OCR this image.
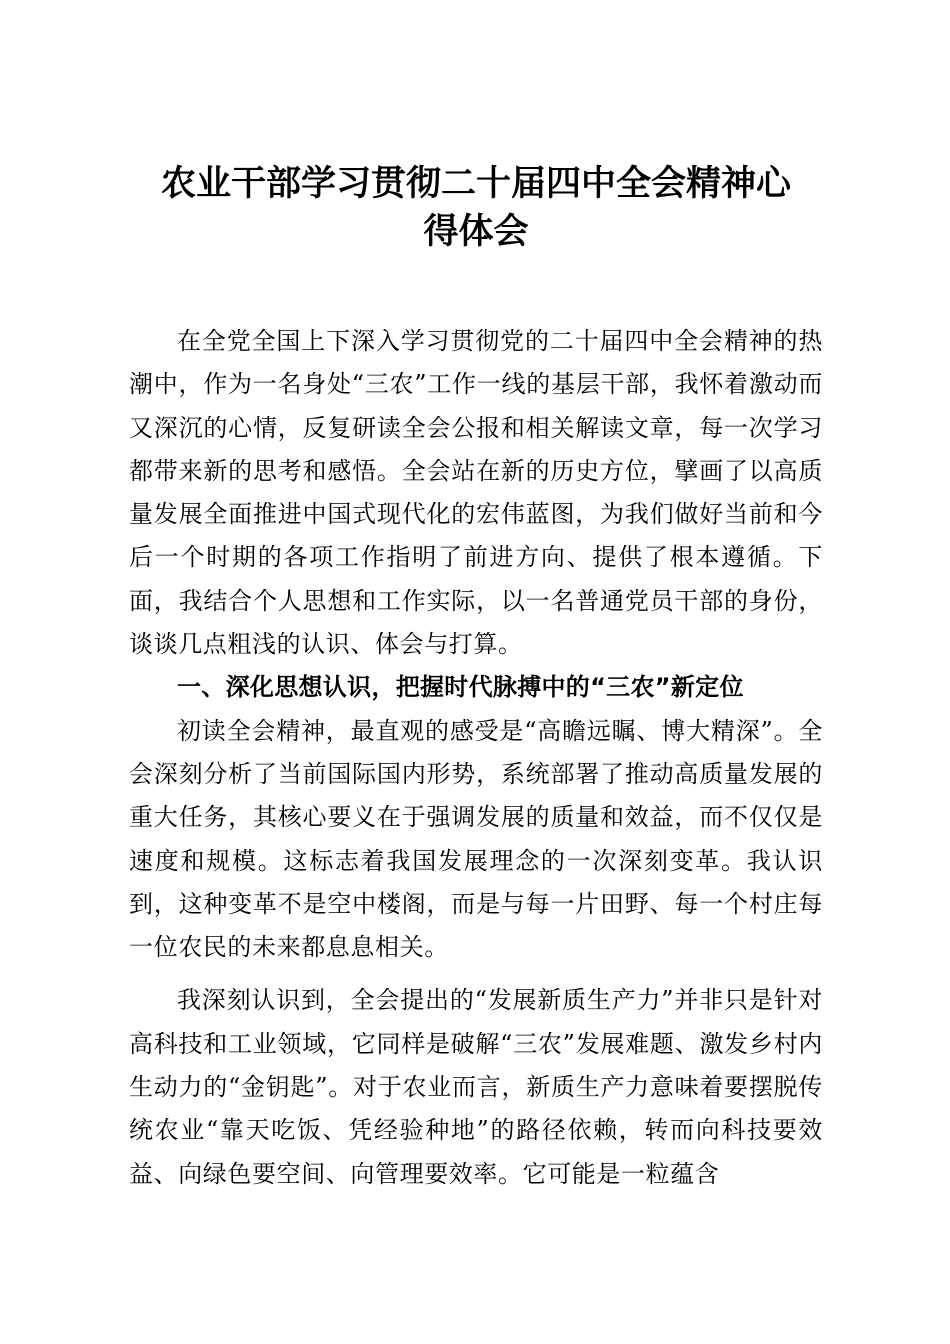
农业干部学习贯彻二十届四中全会精神心
得体会

在全党全国上下深入学习贯彻党的二十届四中全会精神的热潮中，作为一名身处“三农”工作一线的基层干部，我怀着激动而又深沉的心情，反复研读全会公报和相关解读文章，每一次学习都带来新的思考和感悟。全会站在新的历史方位，擘画了以高质量发展全面推进中国式现代化的宏伟蓝图，为我们做好当前和今后一个时期的各项工作指明了前进方向、提供了根本遵循。下面，我结合个人思想和工作实际，以一名普通党员干部的身份，谈谈几点粗浅的认识、体会与打算。

一、深化思想认识，把握时代脉搏中的“三农”新定位

初读全会精神，最直观的感受是“高瞻远瞩、博大精深”。全会深刻分析了当前国际国内形势，系统部署了推动高质量发展的重大任务，其核心要义在于强调发展的质量和效益，而不仅仅是速度和规模。这标志着我国发展理念的一次深刻变革。我认识到，这种变革不是空中楼阁，而是与每一片田野、每一个村庄每一位农民的未来都息息相关。

我深刻认识到，全会提出的“发展新质生产力”并非只是针对高科技和工业领域，它同样是破解“三农”发展难题、激发乡村内生动力的“金钥匙”。对于农业而言，新质生产力意味着要摆脱传统农业“靠天吃饭、凭经验种地”的路径依赖，转而向科技要效益、向绿色要空间、向管理要效率。它可能是一粒蕴含
